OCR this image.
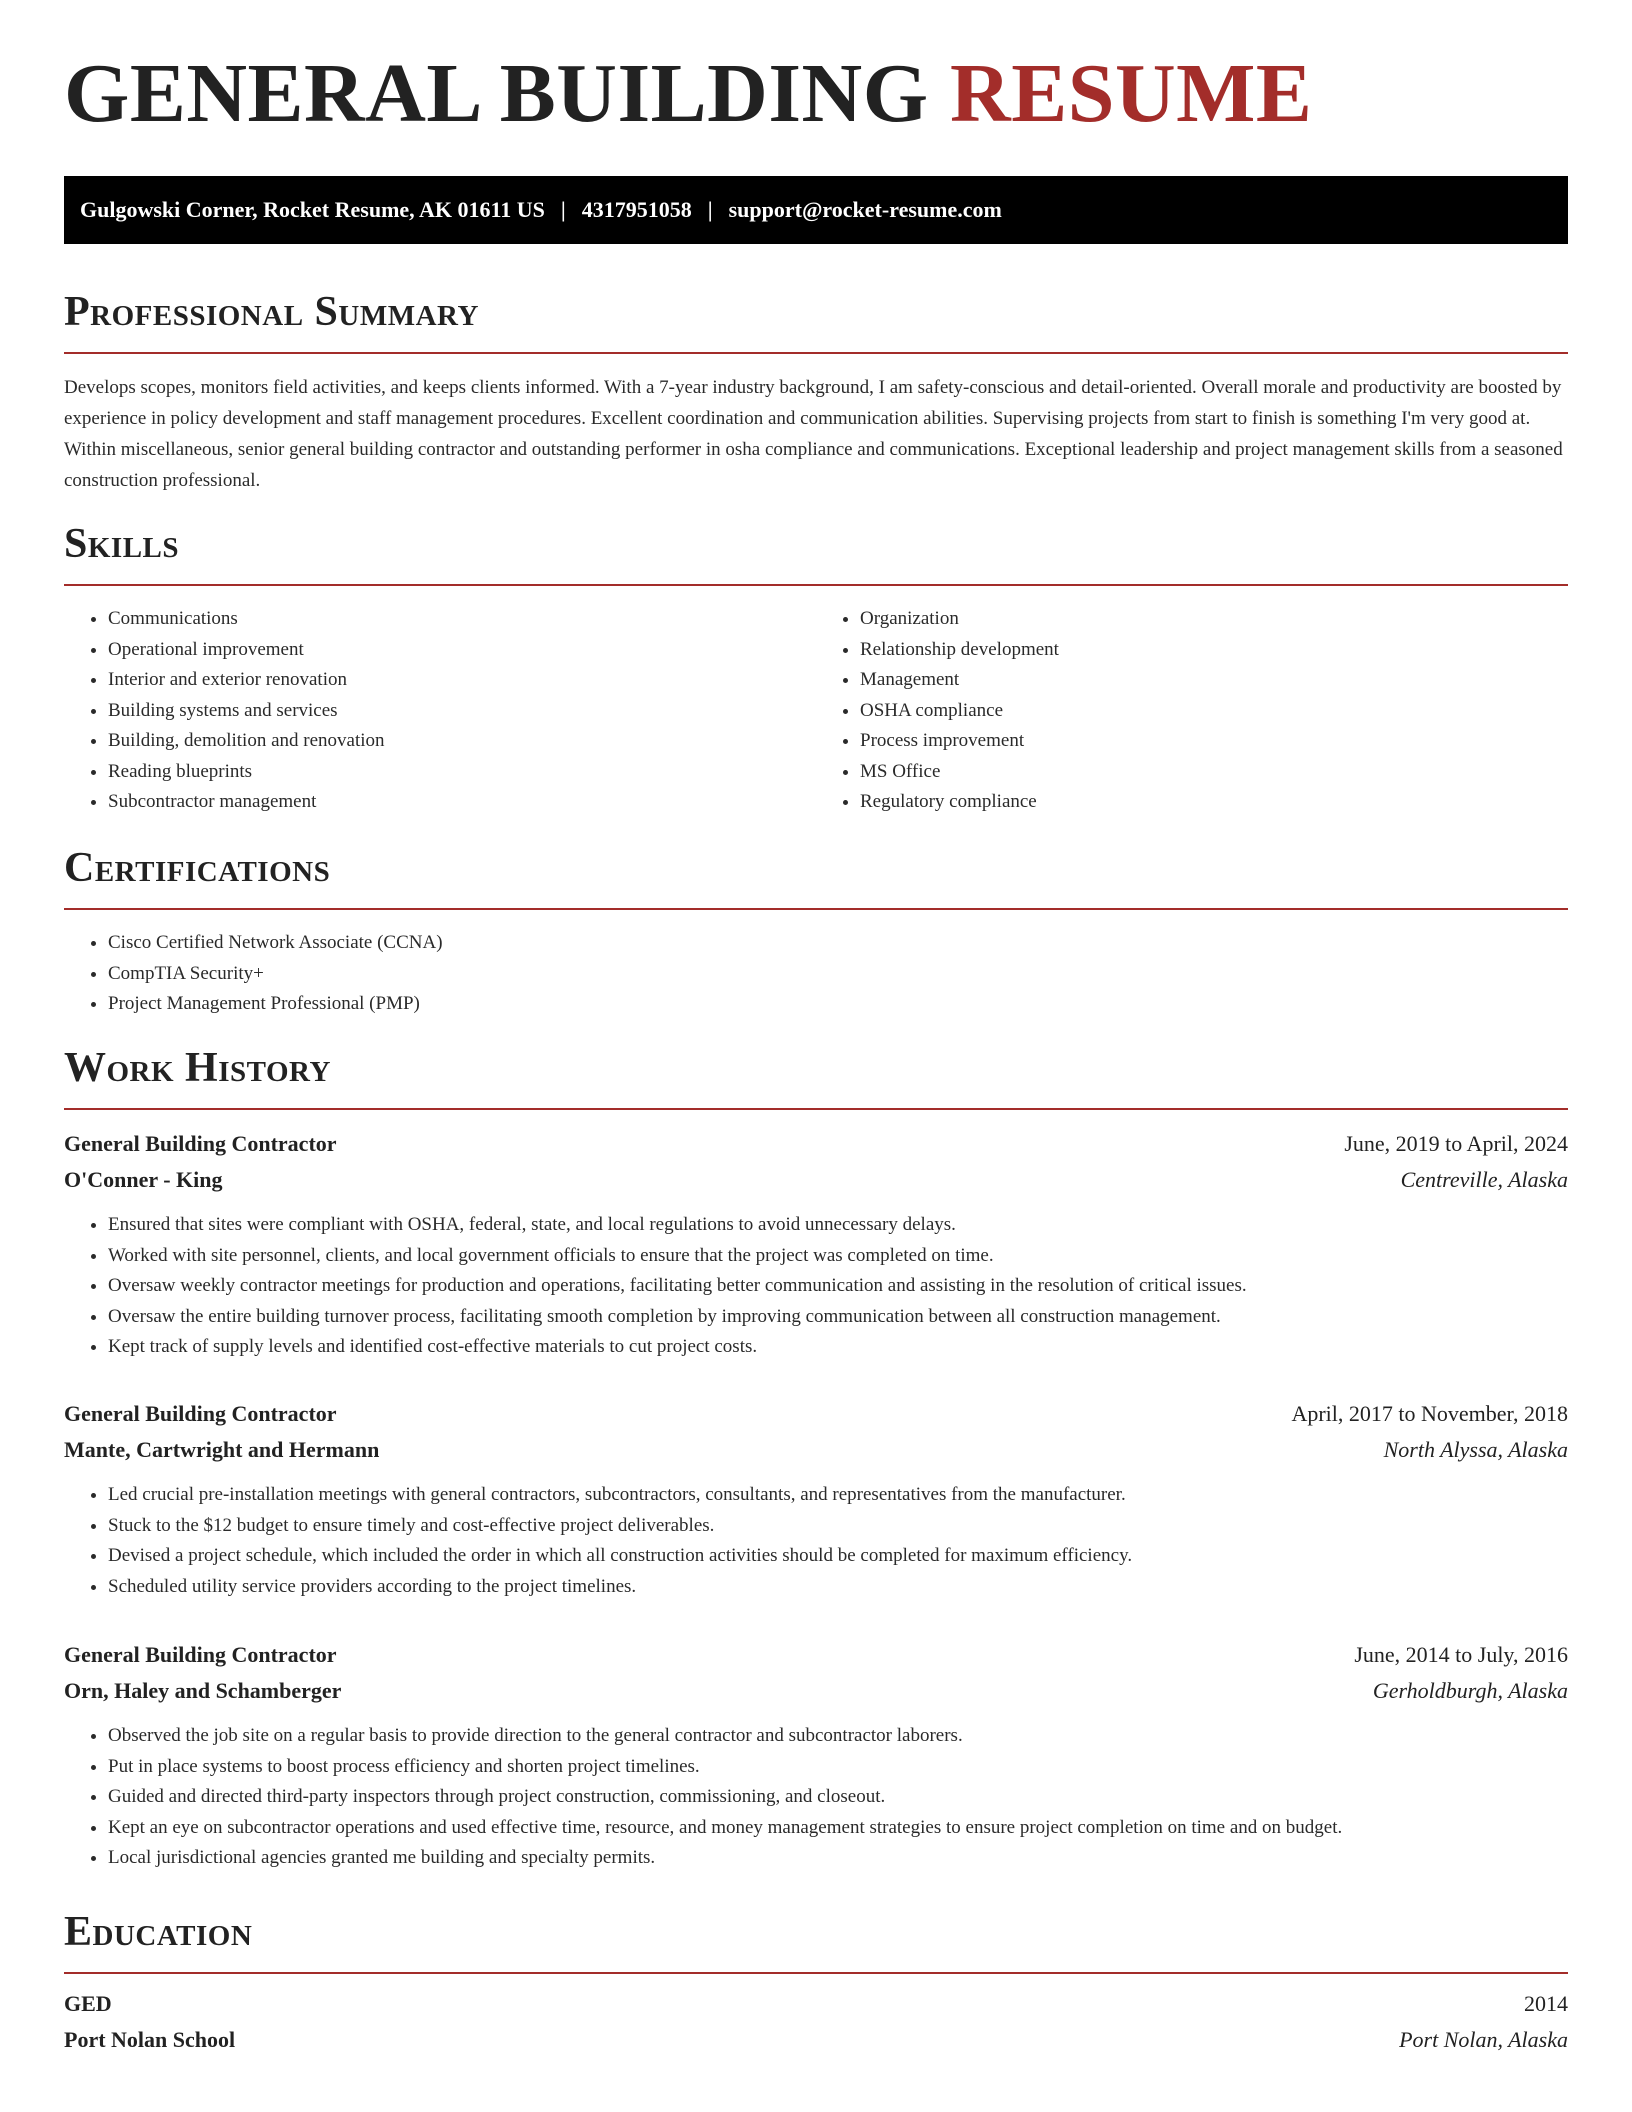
GENERAL BUILDING RESUME
Gulgowski Corner, Rocket Resume, AK 01611 US | 4317951058 | support@rocket-resume.com
Professional Summary

Develops scopes, monitors field activities, and keeps clients informed. With a 7-year industry background, I am safety-conscious and detail-oriented. Overall morale and productivity are boosted by experience in policy development and staff management procedures. Excellent coordination and communication abilities. Supervising projects from start to finish is something I'm very good at. Within miscellaneous, senior general building contractor and outstanding performer in osha compliance and communications. Exceptional leadership and project management skills from a seasoned construction professional.

Skills
• Communications
• Operational improvement
• Interior and exterior renovation
• Building systems and services
• Building, demolition and renovation
• Reading blueprints
• Subcontractor management
• Organization
• Relationship development
• Management
• OSHA compliance
• Process improvement
• MS Office
• Regulatory compliance
Certifications
• Cisco Certified Network Associate (CCNA)
• CompTIA Security+
• Project Management Professional (PMP)
Work History
General Building Contractor	June, 2019 to April, 2024
O'Conner - King	Centreville, Alaska
• Ensured that sites were compliant with OSHA, federal, state, and local regulations to avoid unnecessary delays.
• Worked with site personnel, clients, and local government officials to ensure that the project was completed on time.
• Oversaw weekly contractor meetings for production and operations, facilitating better communication and assisting in the resolution of critical issues.
• Oversaw the entire building turnover process, facilitating smooth completion by improving communication between all construction management.
• Kept track of supply levels and identified cost-effective materials to cut project costs.
General Building Contractor	April, 2017 to November, 2018
Mante, Cartwright and Hermann	North Alyssa, Alaska
• Led crucial pre-installation meetings with general contractors, subcontractors, consultants, and representatives from the manufacturer.
• Stuck to the $12 budget to ensure timely and cost-effective project deliverables.
• Devised a project schedule, which included the order in which all construction activities should be completed for maximum efficiency.
• Scheduled utility service providers according to the project timelines.
General Building Contractor	June, 2014 to July, 2016
Orn, Haley and Schamberger	Gerholdburgh, Alaska
• Observed the job site on a regular basis to provide direction to the general contractor and subcontractor laborers.
• Put in place systems to boost process efficiency and shorten project timelines.
• Guided and directed third-party inspectors through project construction, commissioning, and closeout.
• Kept an eye on subcontractor operations and used effective time, resource, and money management strategies to ensure project completion on time and on budget.
• Local jurisdictional agencies granted me building and specialty permits.
Education
GED	2014
Port Nolan School	Port Nolan, Alaska
